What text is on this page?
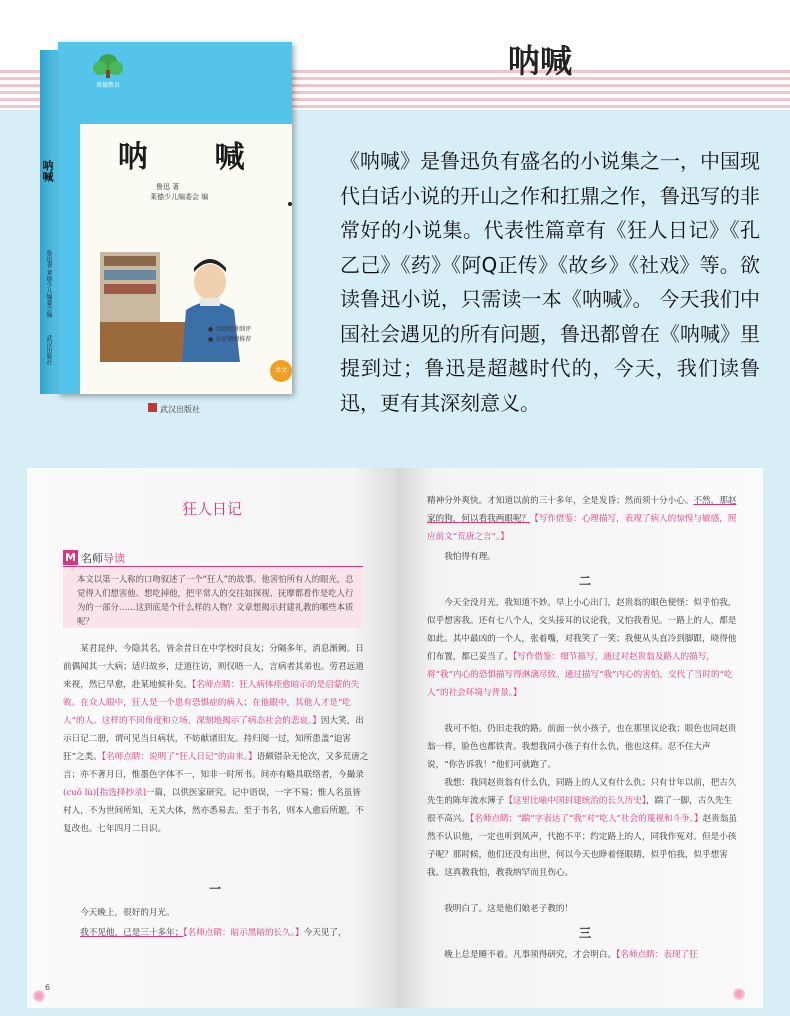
呐喊
呐喊
鲁迅著 莱德少儿编委会编
武汉出版社
莱德教育
呐 喊
鲁迅 著
莱德少儿编委会 编
● 名师精讲细评
● 名家倾情推荐
语文
武汉出版社
《呐喊》是鲁迅负有盛名的小说集之一，中国现代白话小说的开山之作和扛鼎之作，鲁迅写的非常好的小说集。代表性篇章有《狂人日记》《孔乙己》《药》《阿Q正传》《故乡》《社戏》等。欲读鲁迅小说，只需读一本《呐喊》。 今天我们中国社会遇见的所有问题，鲁迅都曾在《呐喊》里提到过；鲁迅是超越时代的，今天，我们读鲁迅，更有其深刻意义。
狂人日记
M 名师导读
本文以第一人称的口吻叙述了一个“狂人”的故事。他害怕所有人的眼光，总觉得人们想害他、想吃掉他，把平常人的交往如探视、抚摩都看作是吃人行为的一部分……这到底是个什么样的人物？文章想揭示封建礼教的哪些本质呢？
某君昆仲，今隐其名，皆余昔日在中学校时良友；分隔多年，消息渐阙。日前偶闻其一大病；适归故乡，迂道往访，则仅晤一人，言病者其弟也。劳君远道来视，然已早愈，赴某地候补矣。【名师点睛：狂人病体痊愈暗示的是启蒙的失败。在众人眼中，狂人是一个患有恐惧症的病人；在他眼中，其他人才是“吃人”的人。这样的不同角度和立场，深刻地揭示了病态社会的悲哀。】因大笑，出示日记二册，谓可见当日病状，不妨献诸旧友。持归阅一过，知所患盖“迫害狂”之类。【名师点睛：说明了“狂人日记”的由来。】语颇错杂无伦次，又多荒唐之言；亦不著月日，惟墨色字体不一，知非一时所书。间亦有略具联络者，今撮录(cuō lù)[指选择抄录]一篇，以供医家研究。记中语误，一字不易；惟人名虽皆村人，不为世间所知，无关大体，然亦悉易去。至于书名，则本人愈后所题，不复改也。七年四月二日识。
一
今天晚上，很好的月光。
我不见他，已是三十多年；【名师点睛：暗示黑暗的长久。】今天见了，
6
精神分外爽快。才知道以前的三十多年，全是发昏；然而须十分小心。不然，那赵家的狗，何以看我两眼呢？【写作借鉴：心理描写，表现了病人的惊惶与敏感，照应前文“荒唐之言”。】
我怕得有理。
二
今天全没月光，我知道不妙。早上小心出门，赵贵翁的眼色便怪：似乎怕我，似乎想害我。还有七八个人，交头接耳的议论我，又怕我看见。一路上的人，都是如此。其中最凶的一个人，张着嘴，对我笑了一笑；我便从头直冷到脚跟，晓得他们布置，都已妥当了。【写作借鉴：细节描写，通过对赵贵翁及路人的描写，将“我”内心的恐惧描写得淋漓尽致。通过描写“我”内心的害怕，交代了当时的“吃人”的社会环境与背景。】
我可不怕，仍旧走我的路。前面一伙小孩子，也在那里议论我；眼色也同赵贵翁一样，脸色也都铁青。我想我同小孩子有什么仇，他也这样。忍不住大声说，“你告诉我！”他们可就跑了。
我想：我同赵贵翁有什么仇，同路上的人又有什么仇；只有廿年以前，把古久先生的陈年流水簿子【这里比喻中国封建统治的长久历史】，踹了一脚，古久先生很不高兴。【名师点睛：“踹”字表达了“我”对“吃人”社会的蔑视和斗争。】赵贵翁虽然不认识他，一定也听到风声，代抱不平；约定路上的人，同我作冤对。但是小孩子呢？那时候，他们还没有出世，何以今天也睁着怪眼睛，似乎怕我，似乎想害我。这真教我怕，教我纳罕而且伤心。
我明白了。这是他们娘老子教的！
三
晚上总是睡不着。凡事须得研究，才会明白。【名师点睛：表现了狂
